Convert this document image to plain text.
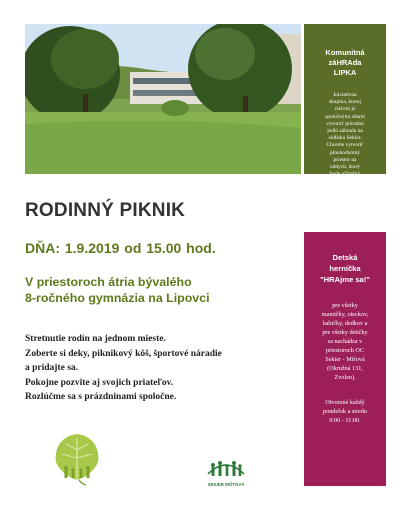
Komunitná
záHRAda
LIPKA

Iniciatívna
skupina, ktorej
cieľom je
spoločnými silami
vytvoriť prírodnú
jedlú záhradu na
sídlisku Sekier.
Chceme vytvoriť
plnohodnotný
priestor na
oddych, ktorý
bude užitočný
pre všetkých.

RODINNÝ PIKNIK

DŇA: 1.9.2019 od 15.00 hod.

V priestoroch átria bývalého
8-ročného gymnázia na Lipovci

Stretnutie rodín na jednom mieste.
Zoberte si deky, piknikový kôš, športové náradie
a pridajte sa.
Pokojne pozvite aj svojich priateľov.
Rozlúčme sa s prázdninami spoločne.

Detská
herníčka
"HRAjme sa!"

pre všetky
mamičky, oteckov,
babičky, dedkov a
pre všetky detičky
sa nachádza v
priestoroch OC
Sekier - Mišová
(Okružná 131,
Zvolen).

Otvorené každý
pondelok a stredu
9:00 - 11:00.

SEKIER MÔTOVÁ
